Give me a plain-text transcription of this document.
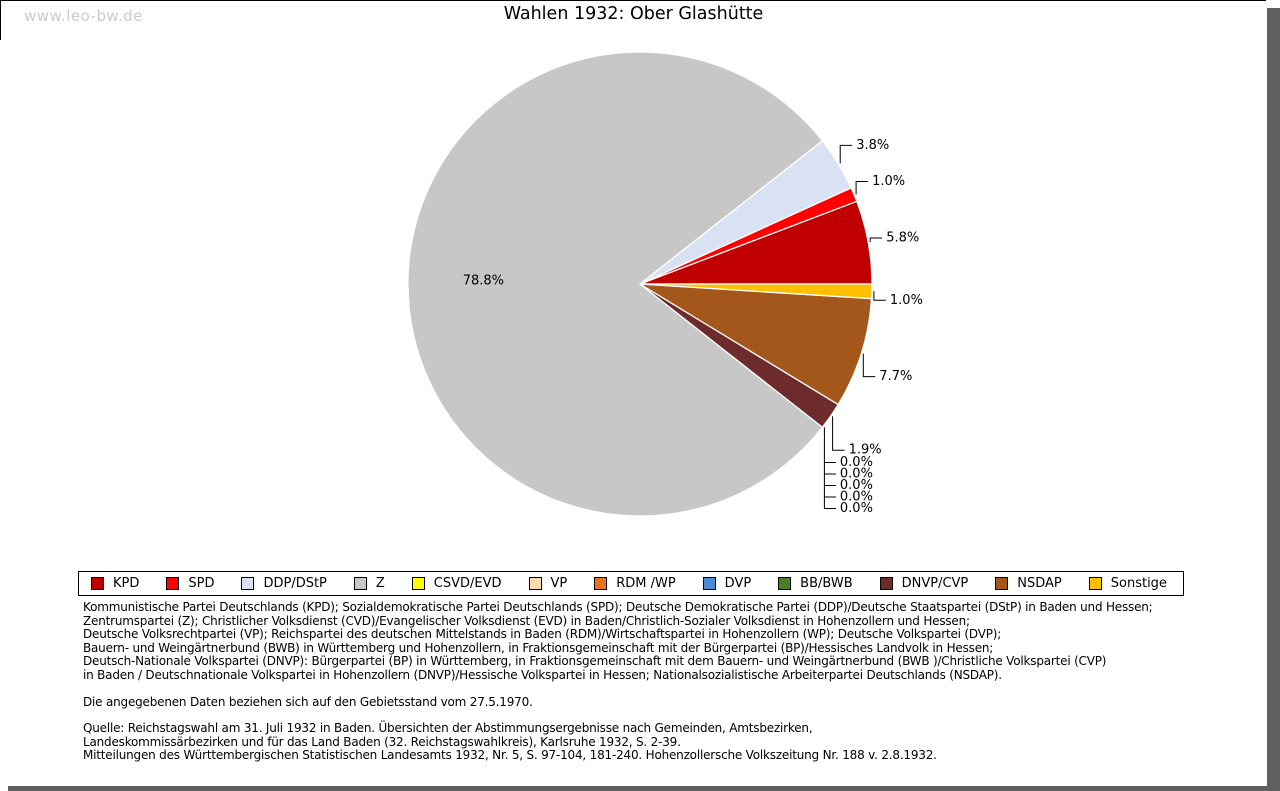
www.leo-bw.de	Wahlen 1932: Ober Glashütte
5.8%
1.0%
3.8%
78.8%
1.9%
7.7%
1.0%
0.0%
0.0%
0.0%
0.0%
0.0%
KPD	SPD	DDP/DStP	Z	CSVD/EVD	VP	RDM /WP	DVP	BB/BWB	DNVP/CVP	NSDAP	Sonstige
Kommunistische Partei Deutschlands (KPD); Sozialdemokratische Partei Deutschlands (SPD); Deutsche Demokratische Partei (DDP)/Deutsche Staatspartei (DStP) in Baden und Hessen;
Zentrumspartei (Z); Christlicher Volksdienst (CVD)/Evangelischer Volksdienst (EVD) in Baden/Christlich-Sozialer Volksdienst in Hohenzollern und Hessen;
Deutsche Volksrechtpartei (VP); Reichspartei des deutschen Mittelstands in Baden (RDM)/Wirtschaftspartei in Hohenzollern (WP); Deutsche Volkspartei (DVP);
Bauern- und Weingärtnerbund (BWB) in Württemberg und Hohenzollern, in Fraktionsgemeinschaft mit der Bürgerpartei (BP)/Hessisches Landvolk in Hessen;
Deutsch-Nationale Volkspartei (DNVP): Bürgerpartei (BP) in Württemberg, in Fraktionsgemeinschaft mit dem Bauern- und Weingärtnerbund (BWB )/Christliche Volkspartei (CVP)
in Baden / Deutschnationale Volkspartei in Hohenzollern (DNVP)/Hessische Volkspartei in Hessen; Nationalsozialistische Arbeiterpartei Deutschlands (NSDAP).
Die angegebenen Daten beziehen sich auf den Gebietsstand vom 27.5.1970.
Quelle: Reichstagswahl am 31. Juli 1932 in Baden. Übersichten der Abstimmungsergebnisse nach Gemeinden, Amtsbezirken,
Landeskommissärbezirken und für das Land Baden (32. Reichstagswahlkreis), Karlsruhe 1932, S. 2-39.
Mitteilungen des Württembergischen Statistischen Landesamts 1932, Nr. 5, S. 97-104, 181-240. Hohenzollersche Volkszeitung Nr. 188 v. 2.8.1932.
